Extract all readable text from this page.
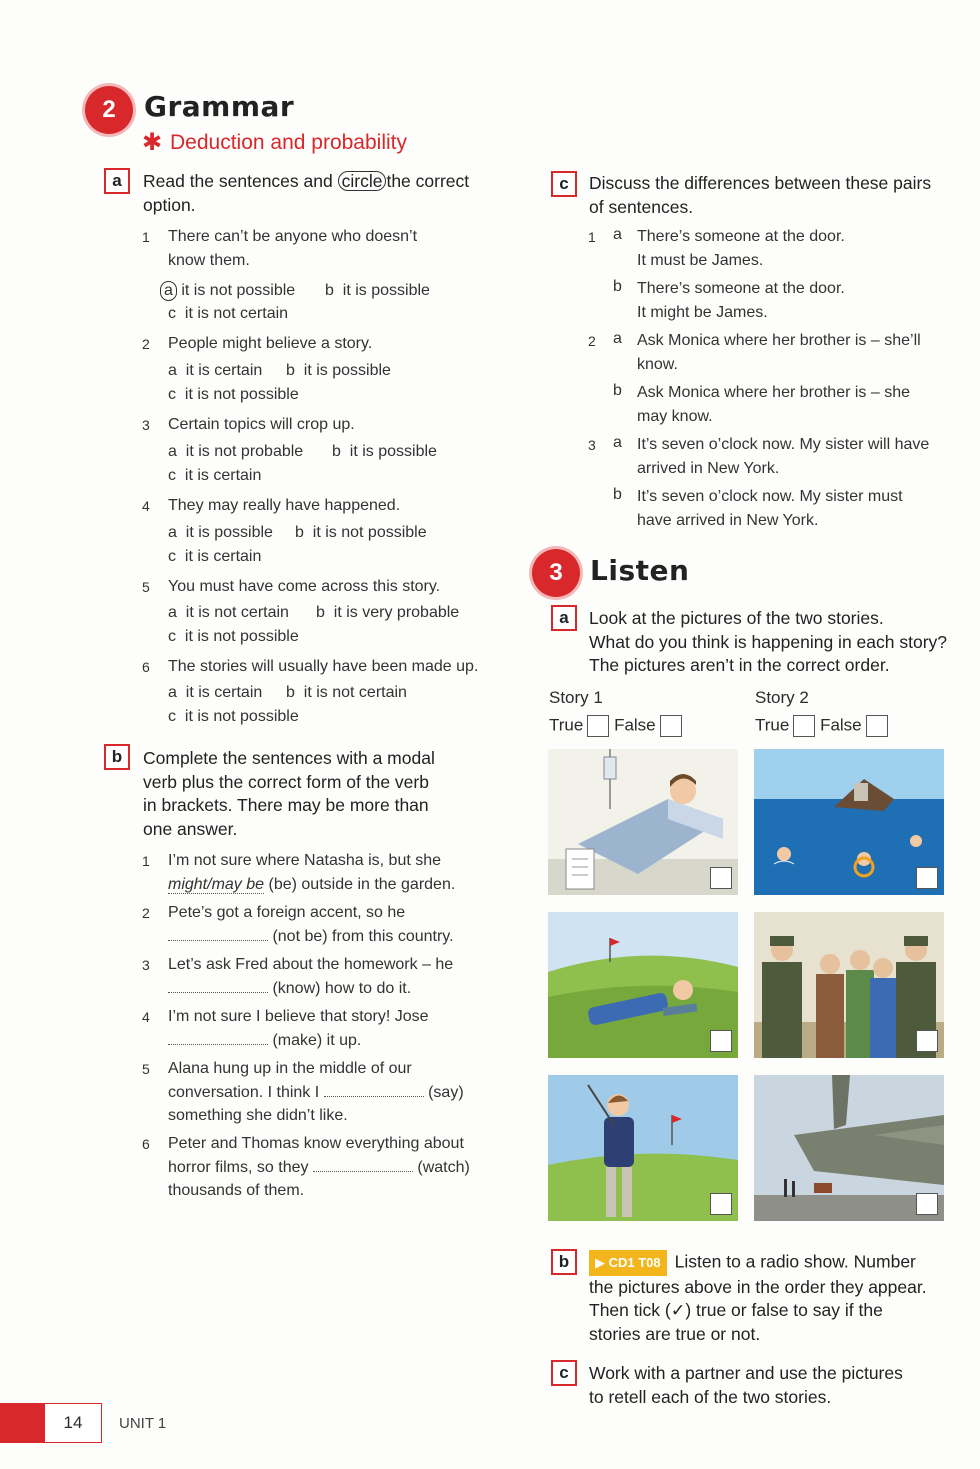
2	Grammar
✱ Deduction and probability
a	Read the sentences and circle the correct
option.
1 There can’t be anyone who doesn’t
know them.
a it is not possible b it is possible
c it is not certain
2 People might believe a story.
a it is certain b it is possible
c it is not possible
3 Certain topics will crop up.
a it is not probable b it is possible
c it is certain
4 They may really have happened.
a it is possible b it is not possible
c it is certain
5 You must have come across this story.
a it is not certain b it is very probable
c it is not possible
6 The stories will usually have been made up.
a it is certain b it is not certain
c it is not possible
b	Complete the sentences with a modal
verb plus the correct form of the verb
in brackets. There may be more than
one answer.
1 I’m not sure where Natasha is, but she
might/may be (be) outside in the garden.
2 Pete’s got a foreign accent, so he
(not be) from this country.
3 Let’s ask Fred about the homework – he
(know) how to do it.
4 I’m not sure I believe that story! Jose
(make) it up.
5 Alana hung up in the middle of our
conversation. I think I	(say)
something she didn’t like.
6 Peter and Thomas know everything about
horror films, so they	(watch)
thousands of them.
c	Discuss the differences between these pairs
of sentences.
1 a There’s someone at the door.
It must be James.
b There’s someone at the door.
It might be James.
2 a Ask Monica where her brother is – she’ll
know.
b Ask Monica where her brother is – she
may know.
3 a It’s seven o’clock now. My sister will have
arrived in New York.
b It’s seven o’clock now. My sister must
have arrived in New York.
3 Listen
a	Look at the pictures of the two stories.
What do you think is happening in each story?
The pictures aren’t in the correct order.
Story 1	Story 2
True False	True False
b	▶ CD1 T08 Listen to a radio show. Number
the pictures above in the order they appear.
Then tick (✓) true or false to say if the
stories are true or not.
c	Work with a partner and use the pictures
to retell each of the two stories.
14	UNIT 1
